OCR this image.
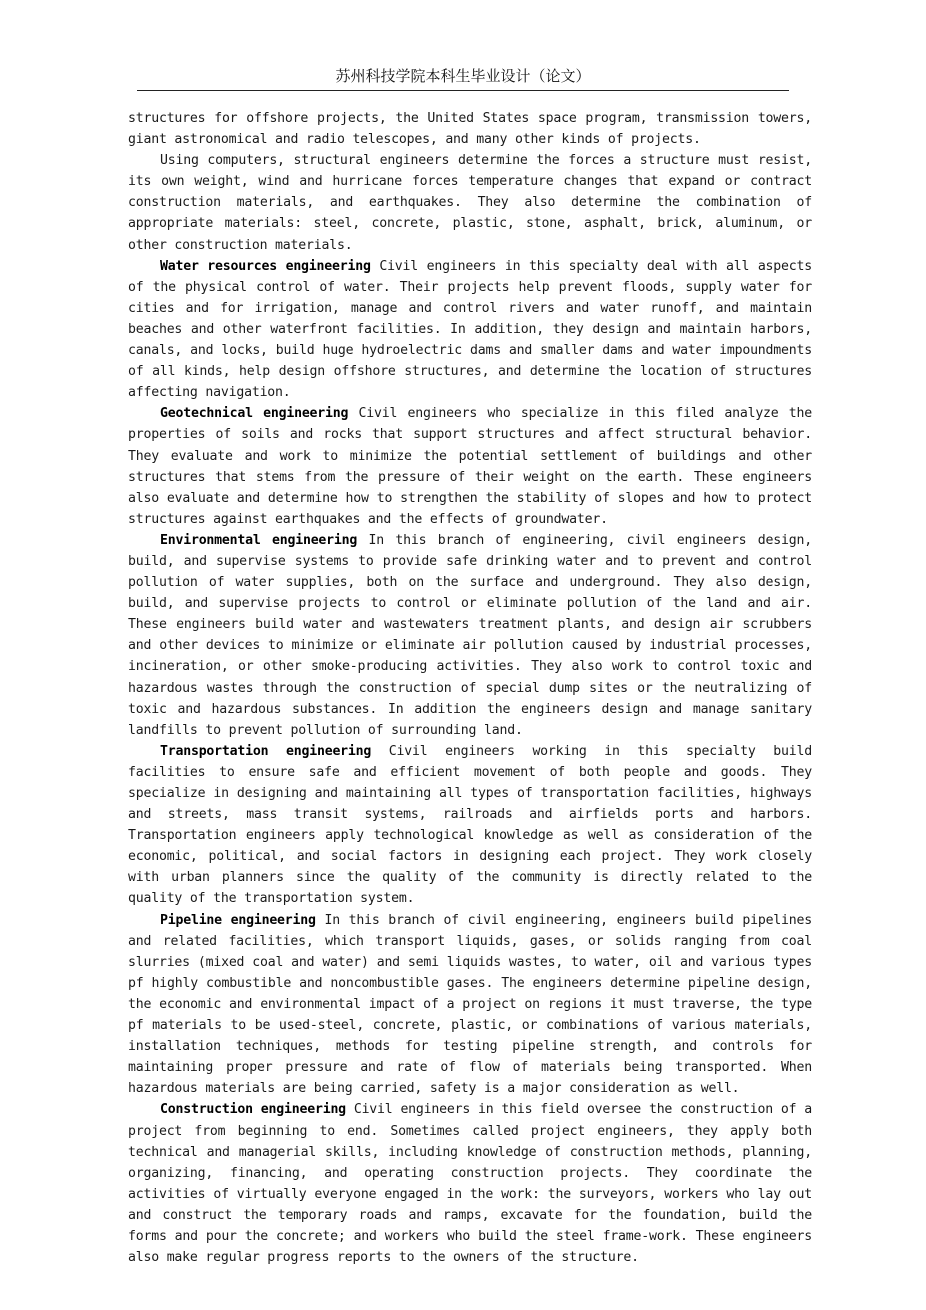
苏州科技学院本科生毕业设计（论文）

structures for offshore projects, the United States space program, transmission towers, giant astronomical and radio telescopes, and many other kinds of projects.

Using computers, structural engineers determine the forces a structure must resist, its own weight, wind and hurricane forces temperature changes that expand or contract construction materials, and earthquakes. They also determine the combination of appropriate materials: steel, concrete, plastic, stone, asphalt, brick, aluminum, or other construction materials.

Water resources engineering Civil engineers in this specialty deal with all aspects of the physical control of water. Their projects help prevent floods, supply water for cities and for irrigation, manage and control rivers and water runoff, and maintain beaches and other waterfront facilities. In addition, they design and maintain harbors, canals, and locks, build huge hydroelectric dams and smaller dams and water impoundments of all kinds, help design offshore structures, and determine the location of structures affecting navigation.

Geotechnical engineering Civil engineers who specialize in this filed analyze the properties of soils and rocks that support structures and affect structural behavior. They evaluate and work to minimize the potential settlement of buildings and other structures that stems from the pressure of their weight on the earth. These engineers also evaluate and determine how to strengthen the stability of slopes and how to protect structures against earthquakes and the effects of groundwater.

Environmental engineering In this branch of engineering, civil engineers design, build, and supervise systems to provide safe drinking water and to prevent and control pollution of water supplies, both on the surface and underground. They also design, build, and supervise projects to control or eliminate pollution of the land and air. These engineers build water and wastewaters treatment plants, and design air scrubbers and other devices to minimize or eliminate air pollution caused by industrial processes, incineration, or other smoke-producing activities. They also work to control toxic and hazardous wastes through the construction of special dump sites or the neutralizing of toxic and hazardous substances. In addition the engineers design and manage sanitary landfills to prevent pollution of surrounding land.

Transportation engineering Civil engineers working in this specialty build facilities to ensure safe and efficient movement of both people and goods. They specialize in designing and maintaining all types of transportation facilities, highways and streets, mass transit systems, railroads and airfields ports and harbors. Transportation engineers apply technological knowledge as well as consideration of the economic, political, and social factors in designing each project. They work closely with urban planners since the quality of the community is directly related to the quality of the transportation system.

Pipeline engineering In this branch of civil engineering, engineers build pipelines and related facilities, which transport liquids, gases, or solids ranging from coal slurries (mixed coal and water) and semi liquids wastes, to water, oil and various types pf highly combustible and noncombustible gases. The engineers determine pipeline design, the economic and environmental impact of a project on regions it must traverse, the type pf materials to be used-steel, concrete, plastic, or combinations of various materials, installation techniques, methods for testing pipeline strength, and controls for maintaining proper pressure and rate of flow of materials being transported. When hazardous materials are being carried, safety is a major consideration as well.

Construction engineering Civil engineers in this field oversee the construction of a project from beginning to end. Sometimes called project engineers, they apply both technical and managerial skills, including knowledge of construction methods, planning, organizing, financing, and operating construction projects. They coordinate the activities of virtually everyone engaged in the work: the surveyors, workers who lay out and construct the temporary roads and ramps, excavate for the foundation, build the forms and pour the concrete; and workers who build the steel frame-work. These engineers also make regular progress reports to the owners of the structure.
